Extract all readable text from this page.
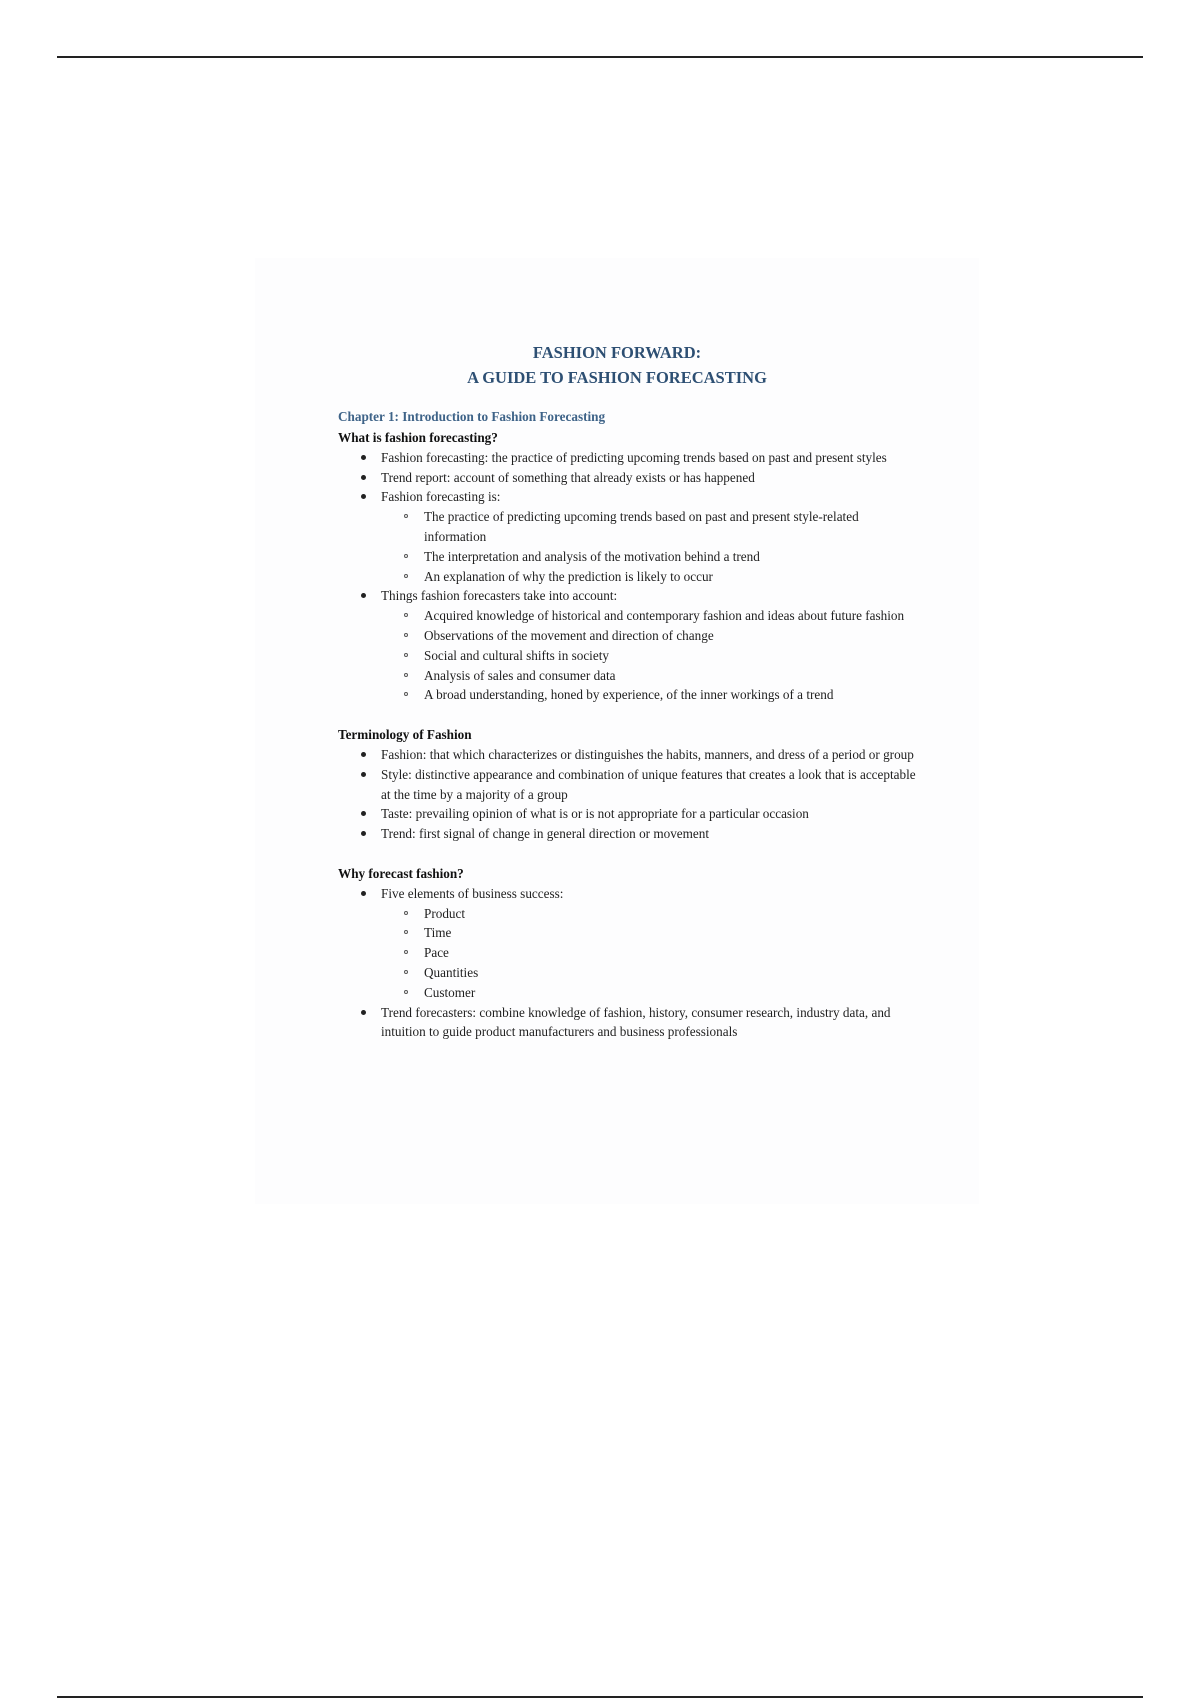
FASHION FORWARD:
A GUIDE TO FASHION FORECASTING

Chapter 1: Introduction to Fashion Forecasting

What is fashion forecasting?

Fashion forecasting: the practice of predicting upcoming trends based on past and present styles
Trend report: account of something that already exists or has happened
Fashion forecasting is:
The practice of predicting upcoming trends based on past and present style-related information
The interpretation and analysis of the motivation behind a trend
An explanation of why the prediction is likely to occur
Things fashion forecasters take into account:
Acquired knowledge of historical and contemporary fashion and ideas about future fashion
Observations of the movement and direction of change
Social and cultural shifts in society
Analysis of sales and consumer data
A broad understanding, honed by experience, of the inner workings of a trend

Terminology of Fashion

Fashion: that which characterizes or distinguishes the habits, manners, and dress of a period or group
Style: distinctive appearance and combination of unique features that creates a look that is acceptable at the time by a majority of a group
Taste: prevailing opinion of what is or is not appropriate for a particular occasion
Trend: first signal of change in general direction or movement

Why forecast fashion?

Five elements of business success:
Product
Time
Pace
Quantities
Customer
Trend forecasters: combine knowledge of fashion, history, consumer research, industry data, and intuition to guide product manufacturers and business professionals
